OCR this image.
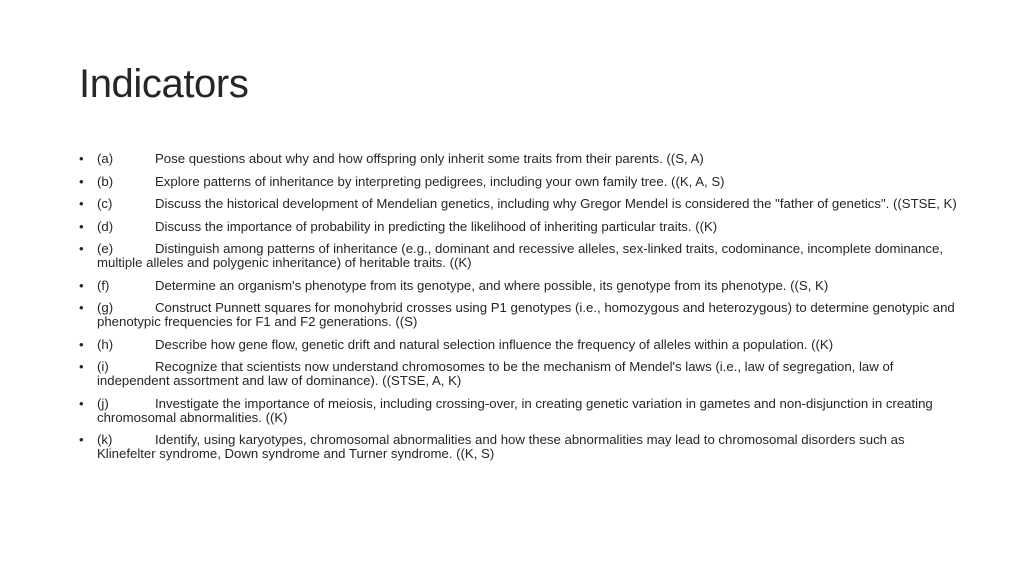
Indicators
•	(a)	Pose questions about why and how offspring only inherit some traits from their parents. ((S, A)
•	(b)	Explore patterns of inheritance by interpreting pedigrees, including your own family tree. ((K, A, S)
•	(c)	Discuss the historical development of Mendelian genetics, including why Gregor Mendel is considered the "father of genetics". ((STSE, K)
•	(d)	Discuss the importance of probability in predicting the likelihood of inheriting particular traits. ((K)
•	(e)	Distinguish among patterns of inheritance (e.g., dominant and recessive alleles, sex-linked traits, codominance, incomplete dominance, multiple alleles and polygenic inheritance) of heritable traits. ((K)
•	(f)	Determine an organism's phenotype from its genotype, and where possible, its genotype from its phenotype. ((S, K)
•	(g)	Construct Punnett squares for monohybrid crosses using P1 genotypes (i.e., homozygous and heterozygous) to determine genotypic and phenotypic frequencies for F1 and F2 generations. ((S)
•	(h)	Describe how gene flow, genetic drift and natural selection influence the frequency of alleles within a population. ((K)
•	(i)	Recognize that scientists now understand chromosomes to be the mechanism of Mendel's laws (i.e., law of segregation, law of independent assortment and law of dominance). ((STSE, A, K)
•	(j)	Investigate the importance of meiosis, including crossing-over, in creating genetic variation in gametes and non-disjunction in creating chromosomal abnormalities. ((K)
•	(k)	Identify, using karyotypes, chromosomal abnormalities and how these abnormalities may lead to chromosomal disorders such as Klinefelter syndrome, Down syndrome and Turner syndrome. ((K, S)
